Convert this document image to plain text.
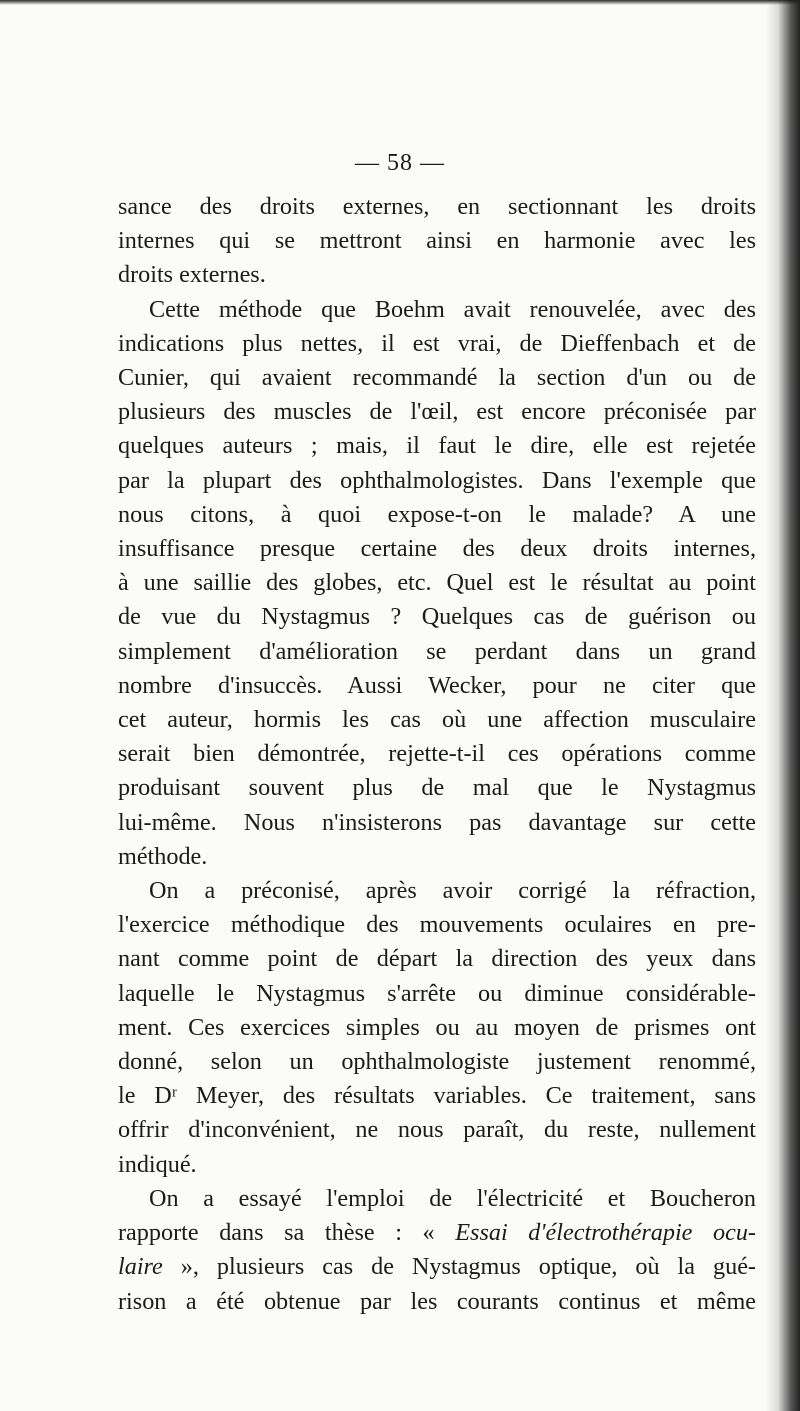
— 58 —
sance des droits externes, en sectionnant les droits
internes qui se mettront ainsi en harmonie avec les
droits externes.
Cette méthode que Boehm avait renouvelée, avec des
indications plus nettes, il est vrai, de Dieffenbach et de
Cunier, qui avaient recommandé la section d'un ou de
plusieurs des muscles de l'œil, est encore préconisée par
quelques auteurs ; mais, il faut le dire, elle est rejetée
par la plupart des ophthalmologistes. Dans l'exemple que
nous citons, à quoi expose-t-on le malade? A une
insuffisance presque certaine des deux droits internes,
à une saillie des globes, etc. Quel est le résultat au point
de vue du Nystagmus ? Quelques cas de guérison ou
simplement d'amélioration se perdant dans un grand
nombre d'insuccès. Aussi Wecker, pour ne citer que
cet auteur, hormis les cas où une affection musculaire
serait bien démontrée, rejette-t-il ces opérations comme
produisant souvent plus de mal que le Nystagmus
lui-même. Nous n'insisterons pas davantage sur cette
méthode.
On a préconisé, après avoir corrigé la réfraction,
l'exercice méthodique des mouvements oculaires en pre-
nant comme point de départ la direction des yeux dans
laquelle le Nystagmus s'arrête ou diminue considérable-
ment. Ces exercices simples ou au moyen de prismes ont
donné, selon un ophthalmologiste justement renommé,
le Dʳ Meyer, des résultats variables. Ce traitement, sans
offrir d'inconvénient, ne nous paraît, du reste, nullement
indiqué.
On a essayé l'emploi de l'électricité et Boucheron
rapporte dans sa thèse : « Essai d'électrothérapie ocu-
laire », plusieurs cas de Nystagmus optique, où la gué-
rison a été obtenue par les courants continus et même
